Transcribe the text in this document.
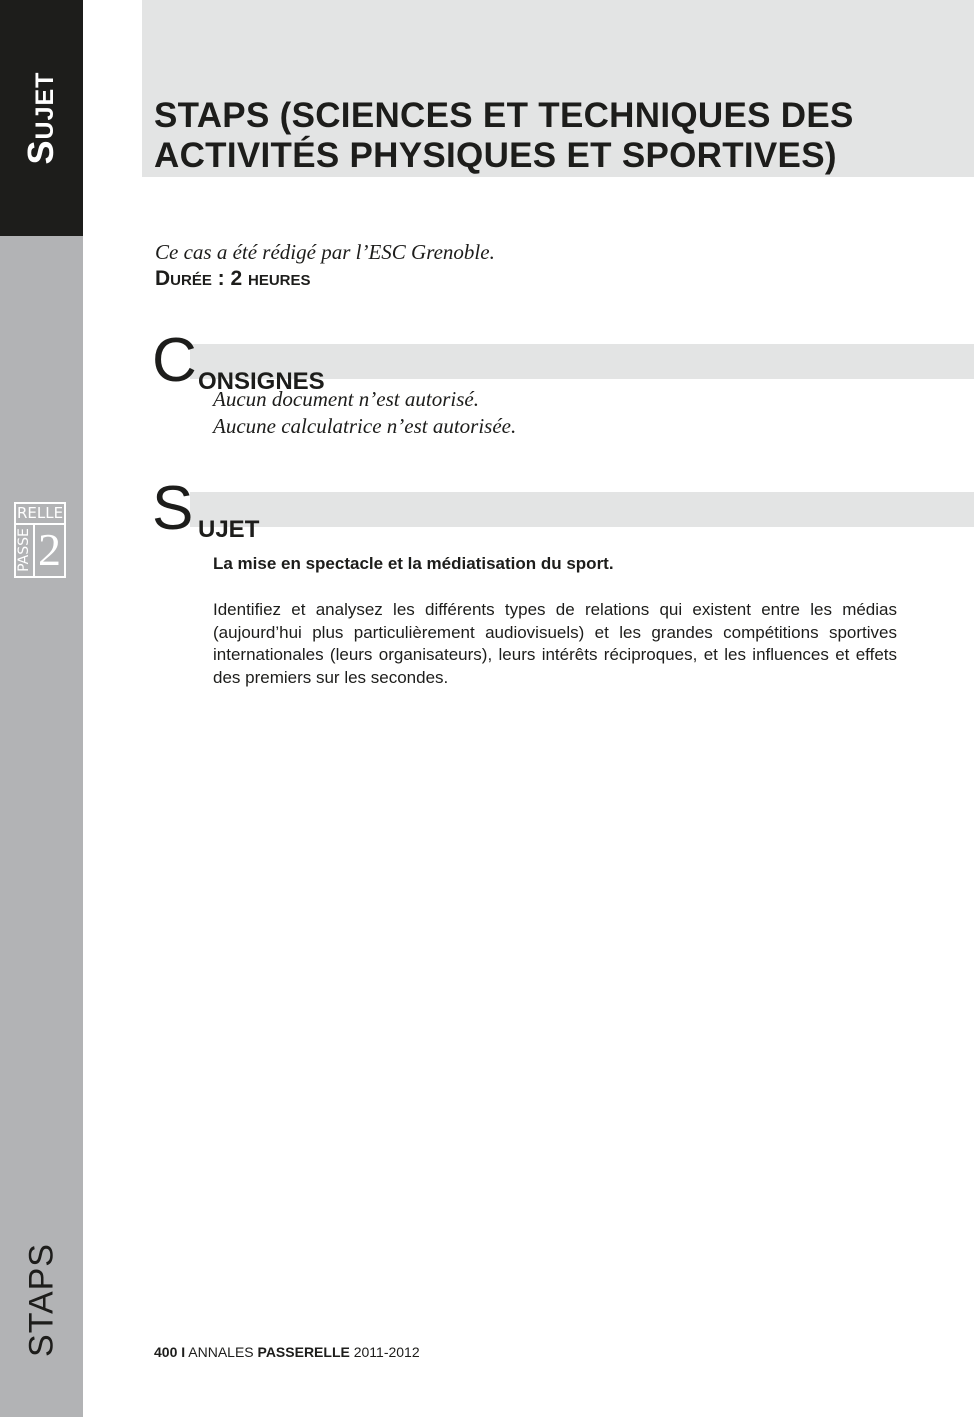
Sujet
RELLE
PASSE 2
STAPS
STAPS (SCIENCES ET TECHNIQUES DES ACTIVITÉS PHYSIQUES ET SPORTIVES)
Ce cas a été rédigé par l’ESC Grenoble.
Durée : 2 heures
C ONSIGNES
Aucun document n’est autorisé.
Aucune calculatrice n’est autorisée.
S UJET
La mise en spectacle et la médiatisation du sport.

Identifiez et analysez les différents types de relations qui existent entre les médias (aujourd’hui plus particulièrement audiovisuels) et les grandes compétitions sportives internationales (leurs organisateurs), leurs intérêts réciproques, et les influences et effets des premiers sur les secondes.

400 I ANNALES PASSERELLE 2011-2012
